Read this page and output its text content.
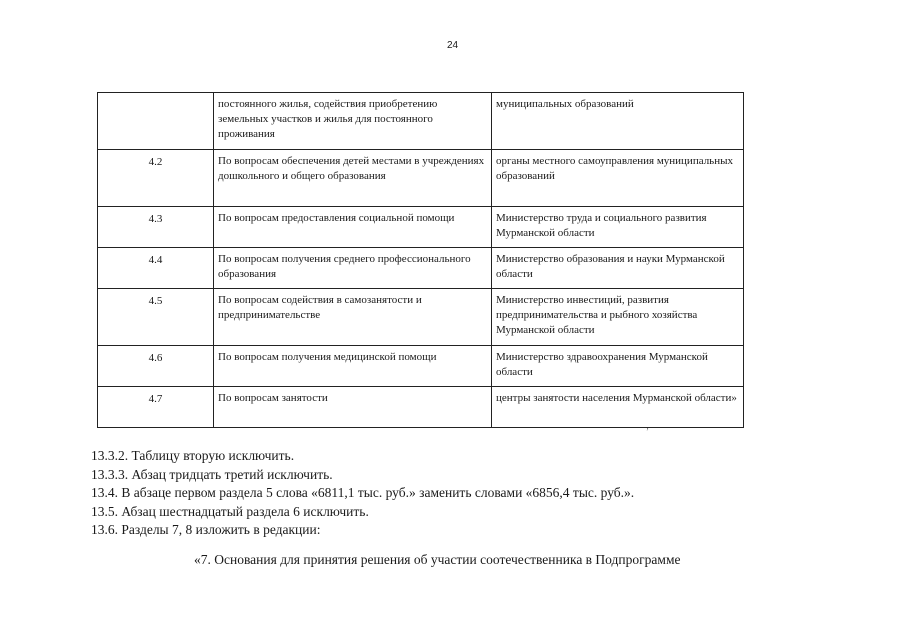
24
	постоянного жилья, содействия приобретению земельных участков и жилья для постоянного проживания	муниципальных образований
4.2	По вопросам обеспечения детей местами в учреждениях дошкольного и общего образования	органы местного самоуправления муниципальных образований
4.3	По вопросам предоставления социальной помощи	Министерство труда и социального развития Мурманской области
4.4	По вопросам получения среднего профессионального образования	Министерство образования и науки Мурманской области
4.5	По вопросам содействия в самозанятости и предпринимательстве	Министерство инвестиций, развития предпринимательства и рыбного хозяйства Мурманской области
4.6	По вопросам получения медицинской помощи	Министерство здравоохранения Мурманской области
4.7	По вопросам занятости	центры занятости населения Мурманской области»
‚

13.3.2. Таблицу вторую исключить.

13.3.3. Абзац тридцать третий исключить.

13.4. В абзаце первом раздела 5 слова «6811,1 тыс. руб.» заменить словами «6856,4 тыс. руб.».

13.5. Абзац шестнадцатый раздела 6 исключить.

13.6. Разделы 7, 8 изложить в редакции:

«7. Основания для принятия решения об участии соотечественника в Подпрограмме
